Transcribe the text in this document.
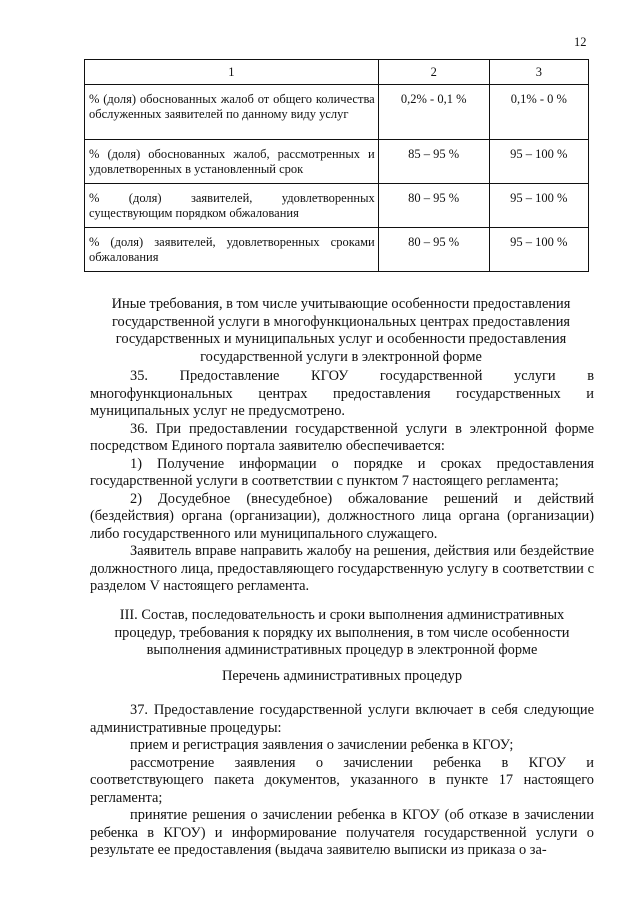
12
1	2	3
% (доля) обоснованных жалоб от общего количества обслуженных заявителей по данному виду услуг	0,2% - 0,1 %	0,1% - 0 %
% (доля) обоснованных жалоб, рассмотренных и удовлетворенных в установленный срок	85 – 95 %	95 – 100 %
% (доля) заявителей, удовлетворенных существующим порядком обжалования	80 – 95 %	95 – 100 %
% (доля) заявителей, удовлетворенных сроками обжалования	80 – 95 %	95 – 100 %
Иные требования, в том числе учитывающие особенности предоставления государственной услуги в многофункциональных центрах предоставления государственных и муниципальных услуг и особенности предоставления государственной услуги в электронной форме

35. Предоставление КГОУ государственной услуги в многофункциональных центрах предоставления государственных и муниципальных услуг не предусмотрено.

36. При предоставлении государственной услуги в электронной форме посредством Единого портала заявителю обеспечивается:

1) Получение информации о порядке и сроках предоставления государственной услуги в соответствии с пунктом 7 настоящего регламента;

2) Досудебное (внесудебное) обжалование решений и действий (бездействия) органа (организации), должностного лица органа (организации) либо государственного или муниципального служащего.

Заявитель вправе направить жалобу на решения, действия или бездействие должностного лица, предоставляющего государственную услугу в соответствии с разделом V настоящего регламента.

III. Состав, последовательность и сроки выполнения административных процедур, требования к порядку их выполнения, в том числе особенности выполнения административных процедур в электронной форме
Перечень административных процедур

37. Предоставление государственной услуги включает в себя следующие административные процедуры:

прием и регистрация заявления о зачислении ребенка в КГОУ;

рассмотрение заявления о зачислении ребенка в КГОУ и соответствующего пакета документов, указанного в пункте 17 настоящего регламента;

принятие решения о зачислении ребенка в КГОУ (об отказе в зачислении ребенка в КГОУ) и информирование получателя государственной услуги о результате ее предоставления (выдача заявителю выписки из приказа о за-
